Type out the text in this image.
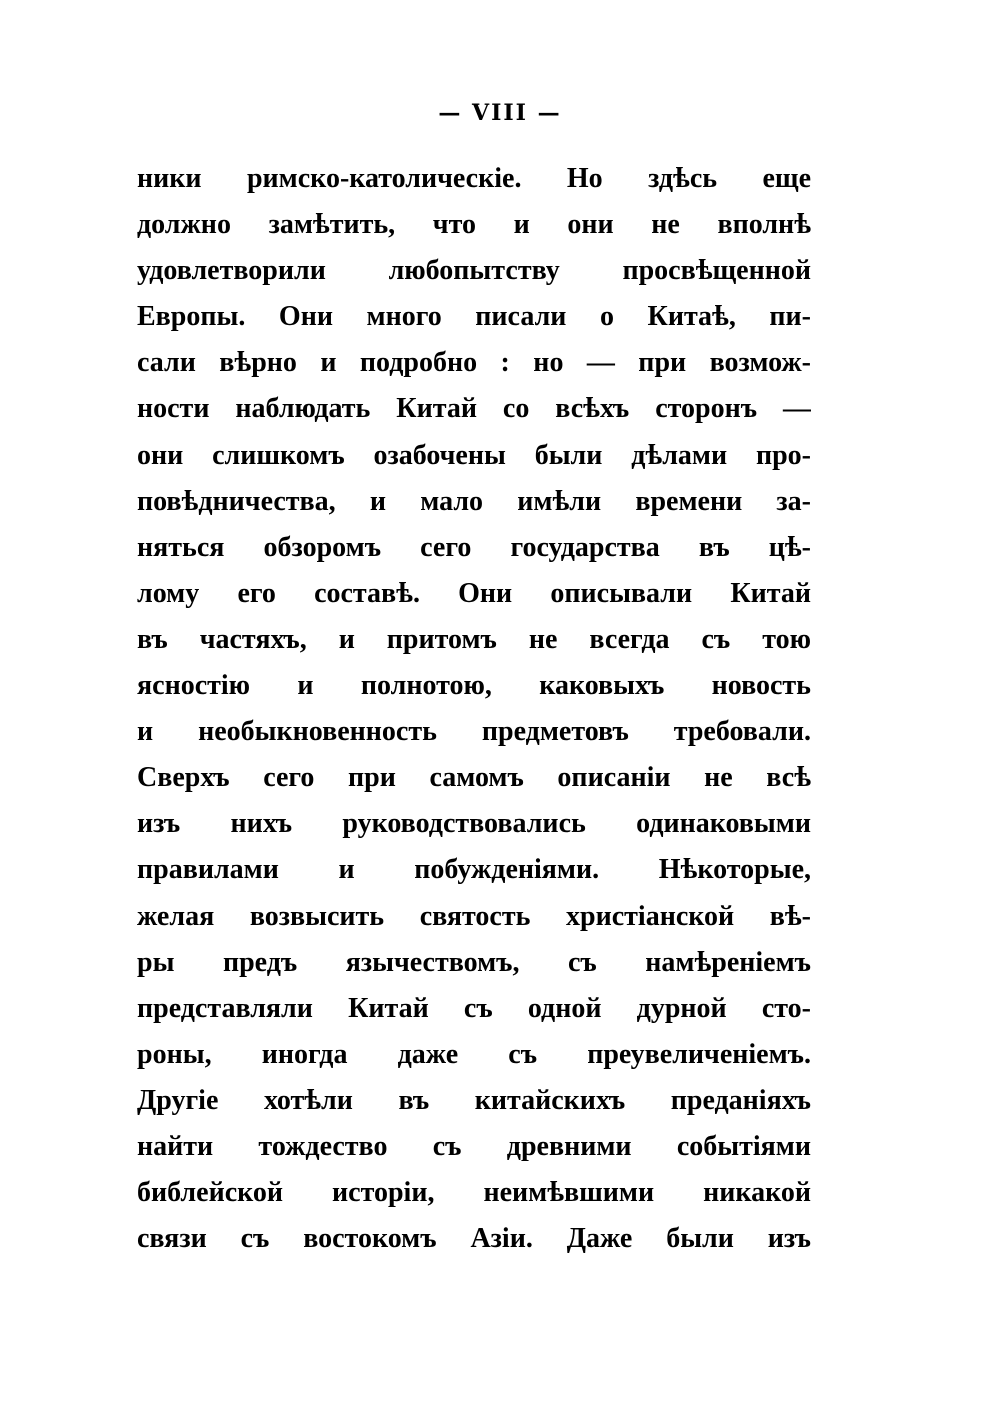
— VIII —
ники римско-католическіе. Но здѣсь еще
должно замѣтить, что и они не вполнѣ
удовлетворили любопытству просвѣщенной
Европы. Они много писали о Китаѣ, пи-
сали вѣрно и подробно : но — при возмож-
ности наблюдать Китай со всѣхъ сторонъ —
они слишкомъ озабочены были дѣлами про-
повѣдничества, и мало имѣли времени за-
няться обзоромъ сего государства въ цѣ-
лому его составѣ. Они описывали Китай
въ частяхъ, и притомъ не всегда съ тою
ясностію и полнотою, каковыхъ новость
и необыкновенность предметовъ требовали.
Сверхъ сего при самомъ описаніи не всѣ
изъ нихъ руководствовались одинаковыми
правилами и побужденіями. Нѣкоторые,
желая возвысить святость христіанской вѣ-
ры предъ язычествомъ, съ намѣреніемъ
представляли Китай съ одной дурной сто-
роны, иногда даже съ преувеличеніемъ.
Другіе хотѣли въ китайскихъ преданіяхъ
найти тождество съ древними событіями
библейской исторіи, неимѣвшими никакой
связи съ востокомъ Азіи. Даже были изъ
